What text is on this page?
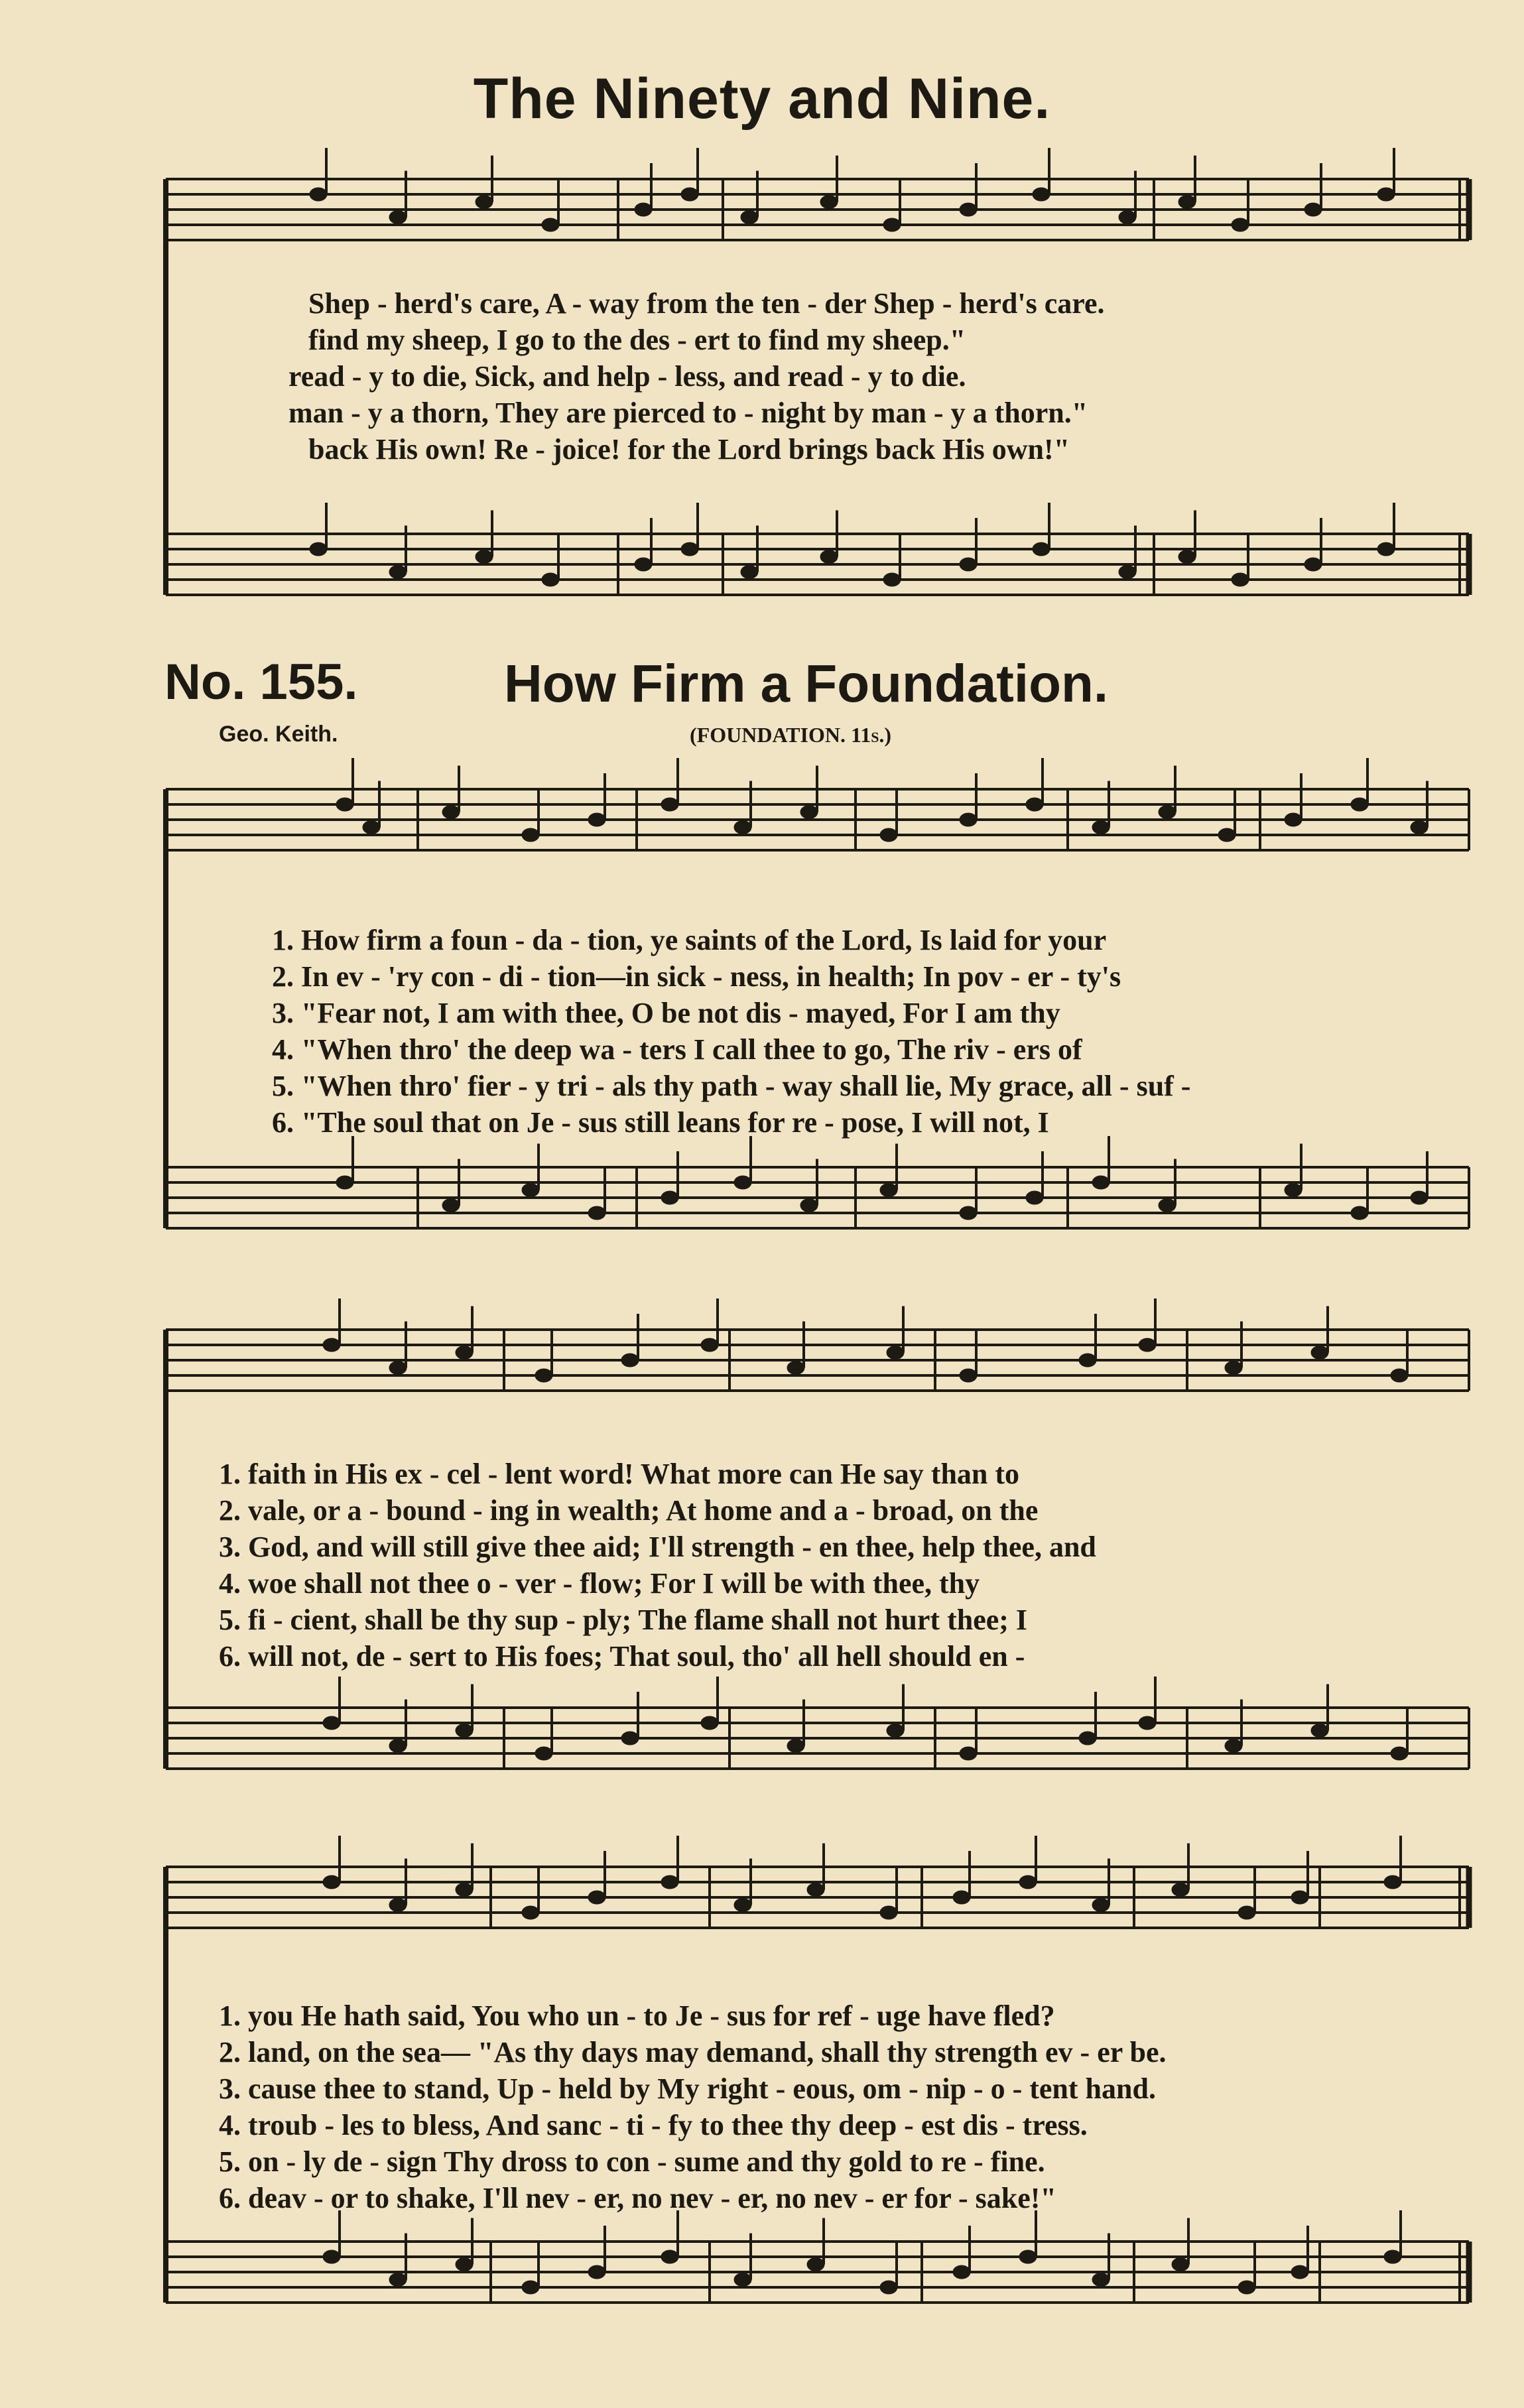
The Ninety and Nine.
No. 155.	How Firm a Foundation.
Geo. Keith.	(FOUNDATION. 11s.)
Shep - herd's care, A - way from the ten - der Shep - herd's care.
find my sheep, I go to the des - ert to find my sheep."
read - y to die, Sick, and help - less, and read - y to die.
man - y a thorn, They are pierced to - night by man - y a thorn."
back His own! Re - joice! for the Lord brings back His own!"
1. How firm a foun - da - tion, ye saints of the Lord, Is laid for your
2. In ev - 'ry con - di - tion—in sick - ness, in health; In pov - er - ty's
3. "Fear not, I am with thee, O be not dis - mayed, For I am thy
4. "When thro' the deep wa - ters I call thee to go, The riv - ers of
5. "When thro' fier - y tri - als thy path - way shall lie, My grace, all - suf -
6. "The soul that on Je - sus still leans for re - pose, I will not, I
1. faith in His ex - cel - lent word! What more can He say than to
2. vale, or a - bound - ing in wealth; At home and a - broad, on the
3. God, and will still give thee aid; I'll strength - en thee, help thee, and
4. woe shall not thee o - ver - flow; For I will be with thee, thy
5. fi - cient, shall be thy sup - ply; The flame shall not hurt thee; I
6. will not, de - sert to His foes; That soul, tho' all hell should en -
1. you He hath said, You who un - to Je - sus for ref - uge have fled?
2. land, on the sea— "As thy days may demand, shall thy strength ev - er be.
3. cause thee to stand, Up - held by My right - eous, om - nip - o - tent hand.
4. troub - les to bless, And sanc - ti - fy to thee thy deep - est dis - tress.
5. on - ly de - sign Thy dross to con - sume and thy gold to re - fine.
6. deav - or to shake, I'll nev - er, no nev - er, no nev - er for - sake!"
